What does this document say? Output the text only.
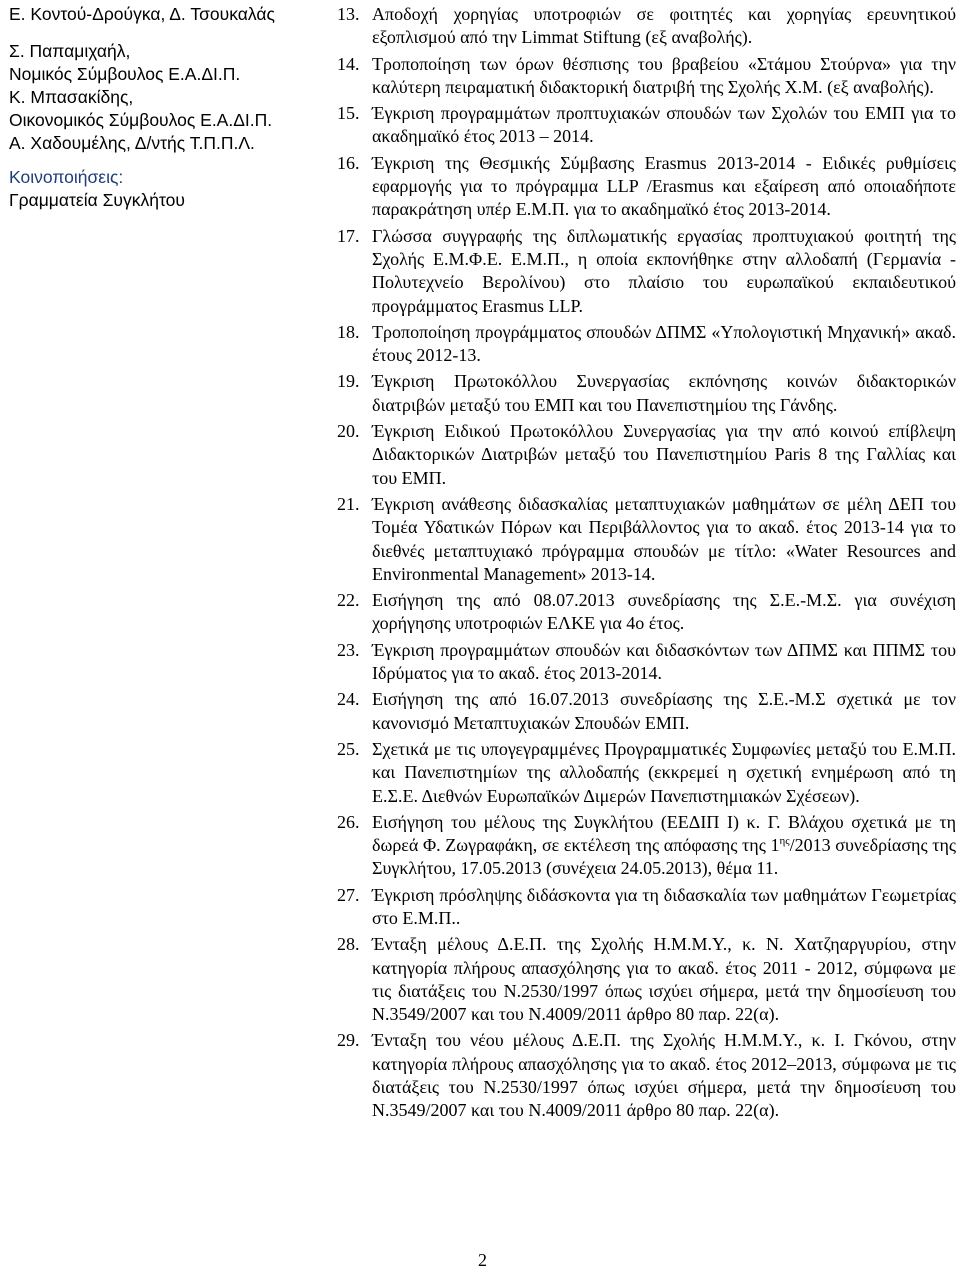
Ε. Κοντού-Δρούγκα, Δ. Τσουκαλάς
Σ. Παπαμιχαήλ,
Νομικός Σύμβουλος Ε.Α.ΔΙ.Π.
Κ. Μπασακίδης,
Οικονομικός Σύμβουλος Ε.Α.ΔΙ.Π.
Α. Χαδουμέλης, Δ/ντής Τ.Π.Π.Λ.
Κοινοποιήσεις:
Γραμματεία Συγκλήτου
13. Αποδοχή χορηγίας υποτροφιών σε φοιτητές και χορηγίας ερευνητικού εξοπλισμού από την Limmat Stiftung (εξ αναβολής).
14. Τροποποίηση των όρων θέσπισης του βραβείου «Στάμου Στούρνα» για την καλύτερη πειραματική διδακτορική διατριβή της Σχολής Χ.Μ. (εξ αναβολής).
15. Έγκριση προγραμμάτων προπτυχιακών σπουδών των Σχολών του ΕΜΠ για το ακαδημαϊκό έτος 2013 – 2014.
16. Έγκριση της Θεσμικής Σύμβασης Erasmus 2013-2014 - Ειδικές ρυθμίσεις εφαρμογής για το πρόγραμμα LLP /Erasmus και εξαίρεση από οποιαδήποτε παρακράτηση υπέρ Ε.Μ.Π. για το ακαδημαϊκό έτος 2013-2014.
17. Γλώσσα συγγραφής της διπλωματικής εργασίας προπτυχιακού φοιτητή της Σχολής Ε.Μ.Φ.Ε. Ε.Μ.Π., η οποία εκπονήθηκε στην αλλοδαπή (Γερμανία - Πολυτεχνείο Βερολίνου) στο πλαίσιο του ευρωπαϊκού εκπαιδευτικού προγράμματος Erasmus LLP.
18. Τροποποίηση προγράμματος σπουδών ΔΠΜΣ «Υπολογιστική Μηχανική» ακαδ. έτους 2012-13.
19. Έγκριση Πρωτοκόλλου Συνεργασίας εκπόνησης κοινών διδακτορικών διατριβών μεταξύ του ΕΜΠ και του Πανεπιστημίου της Γάνδης.
20. Έγκριση Ειδικού Πρωτοκόλλου Συνεργασίας για την από κοινού επίβλεψη Διδακτορικών Διατριβών μεταξύ του Πανεπιστημίου Paris 8 της Γαλλίας και του ΕΜΠ.
21. Έγκριση ανάθεσης διδασκαλίας μεταπτυχιακών μαθημάτων σε μέλη ΔΕΠ του Τομέα Υδατικών Πόρων και Περιβάλλοντος για το ακαδ. έτος 2013-14 για το διεθνές μεταπτυχιακό πρόγραμμα σπουδών με τίτλο: «Water Resources and Environmental Management» 2013-14.
22. Εισήγηση της από 08.07.2013 συνεδρίασης της Σ.Ε.-Μ.Σ. για συνέχιση χορήγησης υποτροφιών ΕΛΚΕ για 4ο έτος.
23. Έγκριση προγραμμάτων σπουδών και διδασκόντων των ΔΠΜΣ και ΠΠΜΣ του Ιδρύματος για το ακαδ. έτος 2013-2014.
24. Εισήγηση της από 16.07.2013 συνεδρίασης της Σ.Ε.-Μ.Σ σχετικά με τον κανονισμό Μεταπτυχιακών Σπουδών ΕΜΠ.
25. Σχετικά με τις υπογεγραμμένες Προγραμματικές Συμφωνίες μεταξύ του Ε.Μ.Π. και Πανεπιστημίων της αλλοδαπής (εκκρεμεί η σχετική ενημέρωση από τη Ε.Σ.Ε. Διεθνών Ευρωπαϊκών Διμερών Πανεπιστημιακών Σχέσεων).
26. Εισήγηση του μέλους της Συγκλήτου (ΕΕΔΙΠ Ι) κ. Γ. Βλάχου σχετικά με τη δωρεά Φ. Ζωγραφάκη, σε εκτέλεση της απόφασης της $1^{\eta\varsigma}/2013$ συνεδρίασης της Συγκλήτου, 17.05.2013 (συνέχεια 24.05.2013), θέμα 11.
27. Έγκριση πρόσληψης διδάσκοντα για τη διδασκαλία των μαθημάτων Γεωμετρίας στο Ε.Μ.Π..
28. Ένταξη μέλους Δ.Ε.Π. της Σχολής Η.Μ.Μ.Υ., κ. Ν. Χατζηαργυρίου, στην κατηγορία πλήρους απασχόλησης για το ακαδ. έτος 2011 - 2012, σύμφωνα με τις διατάξεις του Ν.2530/1997 όπως ισχύει σήμερα, μετά την δημοσίευση του Ν.3549/2007 και του Ν.4009/2011 άρθρο 80 παρ. 22(α).
29. Ένταξη του νέου μέλους Δ.Ε.Π. της Σχολής Η.Μ.Μ.Υ., κ. Ι. Γκόνου, στην κατηγορία πλήρους απασχόλησης για το ακαδ. έτος 2012–2013, σύμφωνα με τις διατάξεις του Ν.2530/1997 όπως ισχύει σήμερα, μετά την δημοσίευση του Ν.3549/2007 και του Ν.4009/2011 άρθρο 80 παρ. 22(α).
2
